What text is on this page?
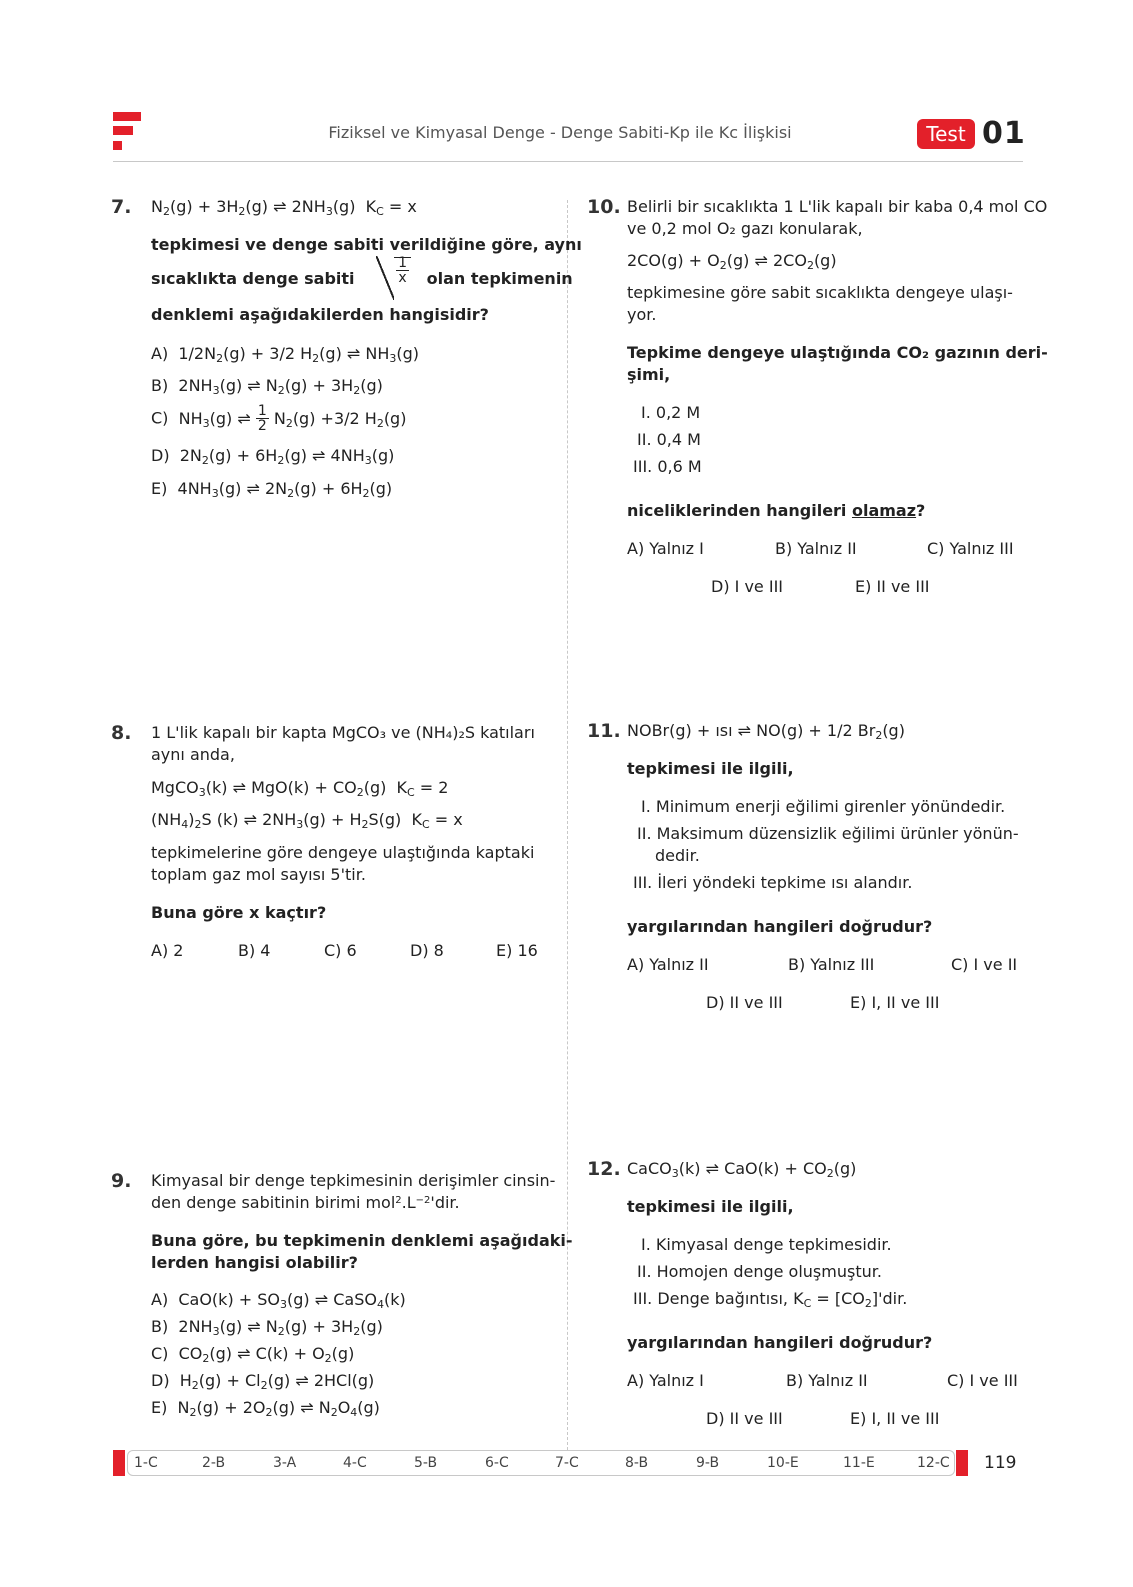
Fiziksel ve Kimyasal Denge - Denge Sabiti-Kp ile Kc İlişkisi	Test 01
7. $N_2(g) + 3H_2(g)$ ⇌ $2NH_3(g) K_C = x$
tepkimesi ve denge sabiti verildiğine göre, aynı
sıcaklıkta denge sabiti	$\frac{1}{x}$ olan tepkimenin
denklemi aşağıdakilerden hangisidir?
A)  $1/2N_2(g) + 3/2$ $H_2(g)$ ⇌ $NH_3(g)$
B)  $2NH_3(g)$ ⇌ $N_2(g) + 3H_2(g)$
C) $NH_3(g)$ ⇌ $\frac{1}{2} N_2(g) +3/2$ $H_2(g)$
D)  $2N_2(g) + 6H_2(g)$ ⇌ $4NH_3(g)$
E)  $4NH_3(g)$ ⇌ $2N_2(g) + 6H_2(g)$
8. 1 L'lik kapalı bir kapta MgCO₃ ve (NH₄)₂S katıları
aynı anda,
MgCO$_3$(k) ⇌ $MgO(k) + CO_2(g) K_C = 2$
$(NH_4)_2S$ (k) ⇌ $2NH_3(g) + H_2S(g) K_C = x$
tepkimelerine göre dengeye ulaştığında kaptaki
toplam gaz mol sayısı 5'tir.
Buna göre x kaçtır?
A) 2	B) 4	C) 6	D) 8	E) 16
9. Kimyasal bir denge tepkimesinin derişimler cinsin-
den denge sabitinin birimi $mol^2.L^{-2}'dir$.
Buna göre, bu tepkimenin denklemi aşağıdaki-
lerden hangisi olabilir?
A)  $CaO(k) + SO_3(g)$ ⇌ CaSO$_4$(k)
B)  $2NH_3(g)$ ⇌ $N_2(g) + 3H_2(g)$
C)  $CO_2(g)$ ⇌ $C(k) + O_2(g)$
D)  $H_2(g) + Cl_2(g)$ ⇌ 2HCl(g)
E)  $N_2(g) + 2O_2(g)$ ⇌ $N_2O_4(g)$
10. Belirli bir sıcaklıkta 1 L'lik kapalı bir kaba 0,4 mol CO
ve 0,2 mol O₂ gazı konularak,
$2CO(g) + O_2(g)$ ⇌ $2CO_2(g)$
tepkimesine göre sabit sıcaklıkta dengeye ulaşı-
yor.
Tepkime dengeye ulaştığında CO₂ gazının deri-
şimi,
I. 0,2 M
II. 0,4 M
III. 0,6 M
niceliklerinden hangileri olamaz?
A) Yalnız I	B) Yalnız II	C) Yalnız III
D) I ve III	E) II ve III
11. NOBr(g) + ısı ⇌ NO(g) + 1/2 $Br_2(g)$
tepkimesi ile ilgili,
I. Minimum enerji eğilimi girenler yönündedir.
II. Maksimum düzensizlik eğilimi ürünler yönün-
dedir.
III. İleri yöndeki tepkime ısı alandır.
yargılarından hangileri doğrudur?
A) Yalnız II	B) Yalnız III	C) I ve II
D) II ve III	E) I, II ve III
12. CaCO$_3$(k) ⇌ $CaO(k) + CO_2(g)$
tepkimesi ile ilgili,
I. Kimyasal denge tepkimesidir.
II. Homojen denge oluşmuştur.
III. Denge bağıntısı, $K_C = [CO_2]'dir$.
yargılarından hangileri doğrudur?
A) Yalnız I	B) Yalnız II	C) I ve III
D) II ve III	E) I, II ve III
1-C	2-B	3-A	4-C	5-B	6-C	7-C	8-B	9-B	10-E	11-E	12-C 119
